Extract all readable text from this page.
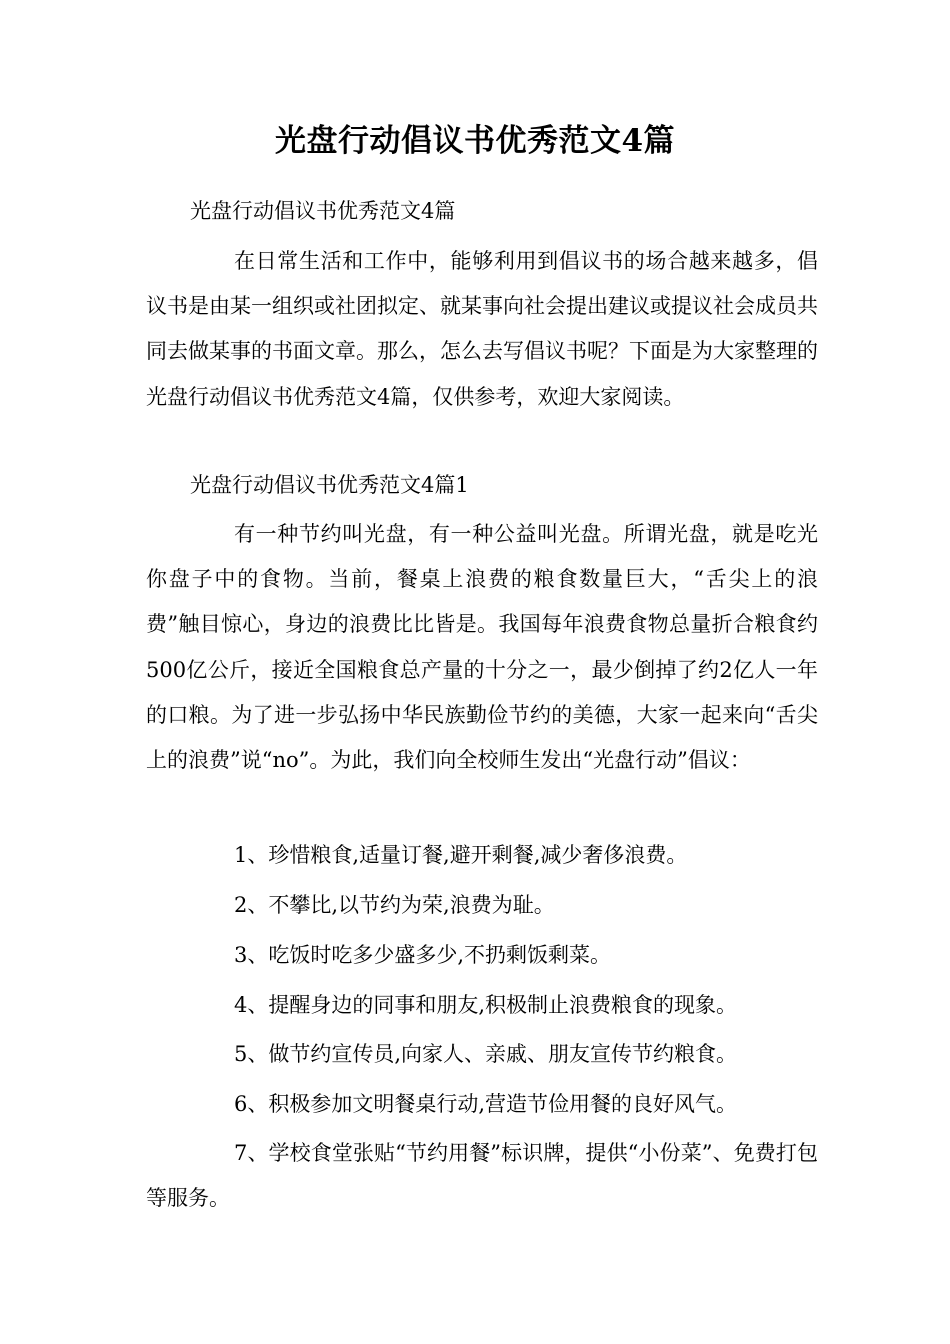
光盘行动倡议书优秀范文4篇
光盘行动倡议书优秀范文4篇
在日常生活和工作中，能够利用到倡议书的场合越来越多，倡议书是由某一组织或社团拟定、就某事向社会提出建议或提议社会成员共同去做某事的书面文章。那么，怎么去写倡议书呢？下面是为大家整理的光盘行动倡议书优秀范文4篇，仅供参考，欢迎大家阅读。
光盘行动倡议书优秀范文4篇1
有一种节约叫光盘，有一种公益叫光盘。所谓光盘，就是吃光你盘子中的食物。当前，餐桌上浪费的粮食数量巨大，“舌尖上的浪费”触目惊心，身边的浪费比比皆是。我国每年浪费食物总量折合粮食约500亿公斤，接近全国粮食总产量的十分之一，最少倒掉了约2亿人一年的口粮。为了进一步弘扬中华民族勤俭节约的美德，大家一起来向“舌尖上的浪费”说“no”。为此，我们向全校师生发出“光盘行动”倡议：
1、珍惜粮食,适量订餐,避开剩餐,减少奢侈浪费。
2、不攀比,以节约为荣,浪费为耻。
3、吃饭时吃多少盛多少,不扔剩饭剩菜。
4、提醒身边的同事和朋友,积极制止浪费粮食的现象。
5、做节约宣传员,向家人、亲戚、朋友宣传节约粮食。
6、积极参加文明餐桌行动,营造节俭用餐的良好风气。
7、学校食堂张贴“节约用餐”标识牌，提供“小份菜”、免费打包等服务。
